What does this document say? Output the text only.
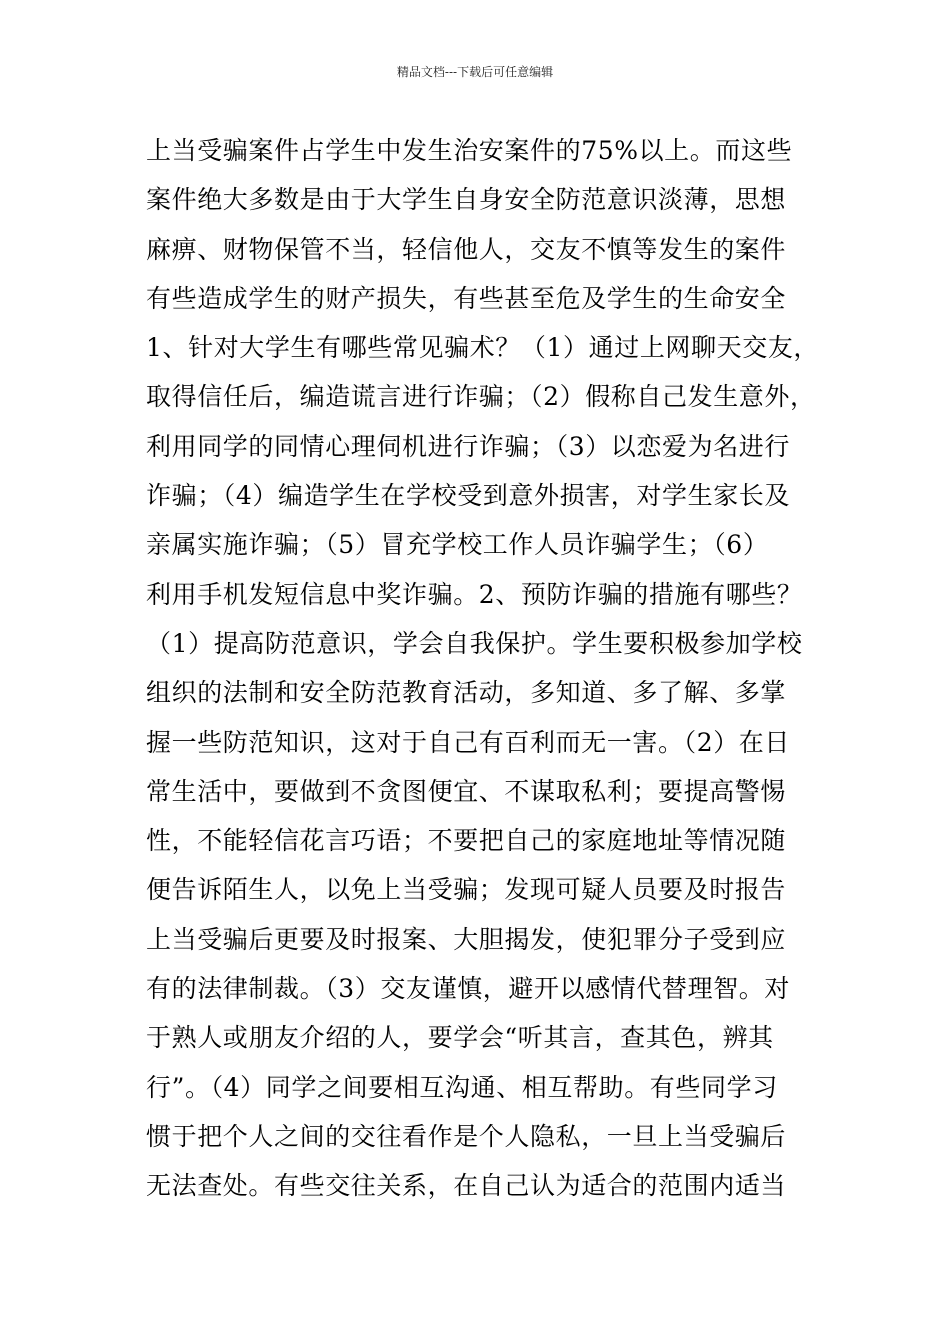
精品文档---下载后可任意编辑
上当受骗案件占学生中发生治安案件的75%以上。而这些
案件绝大多数是由于大学生自身安全防范意识淡薄，思想
麻痹、财物保管不当，轻信他人，交友不慎等发生的案件
有些造成学生的财产损失，有些甚至危及学生的生命安全
1、针对大学生有哪些常见骗术？（1）通过上网聊天交友，
取得信任后，编造谎言进行诈骗；（2）假称自己发生意外，
利用同学的同情心理伺机进行诈骗；（3）以恋爱为名进行
诈骗；（4）编造学生在学校受到意外损害，对学生家长及
亲属实施诈骗；（5）冒充学校工作人员诈骗学生；（6）
利用手机发短信息中奖诈骗。2、预防诈骗的措施有哪些？
（1）提高防范意识，学会自我保护。学生要积极参加学校
组织的法制和安全防范教育活动，多知道、多了解、多掌
握一些防范知识，这对于自己有百利而无一害。（2）在日
常生活中，要做到不贪图便宜、不谋取私利；要提高警惕
性，不能轻信花言巧语；不要把自己的家庭地址等情况随
便告诉陌生人，以免上当受骗；发现可疑人员要及时报告
上当受骗后更要及时报案、大胆揭发，使犯罪分子受到应
有的法律制裁。（3）交友谨慎，避开以感情代替理智。对
于熟人或朋友介绍的人，要学会“听其言，查其色，辨其
行”。（4）同学之间要相互沟通、相互帮助。有些同学习
惯于把个人之间的交往看作是个人隐私，一旦上当受骗后
无法查处。有些交往关系，在自己认为适合的范围内适当
